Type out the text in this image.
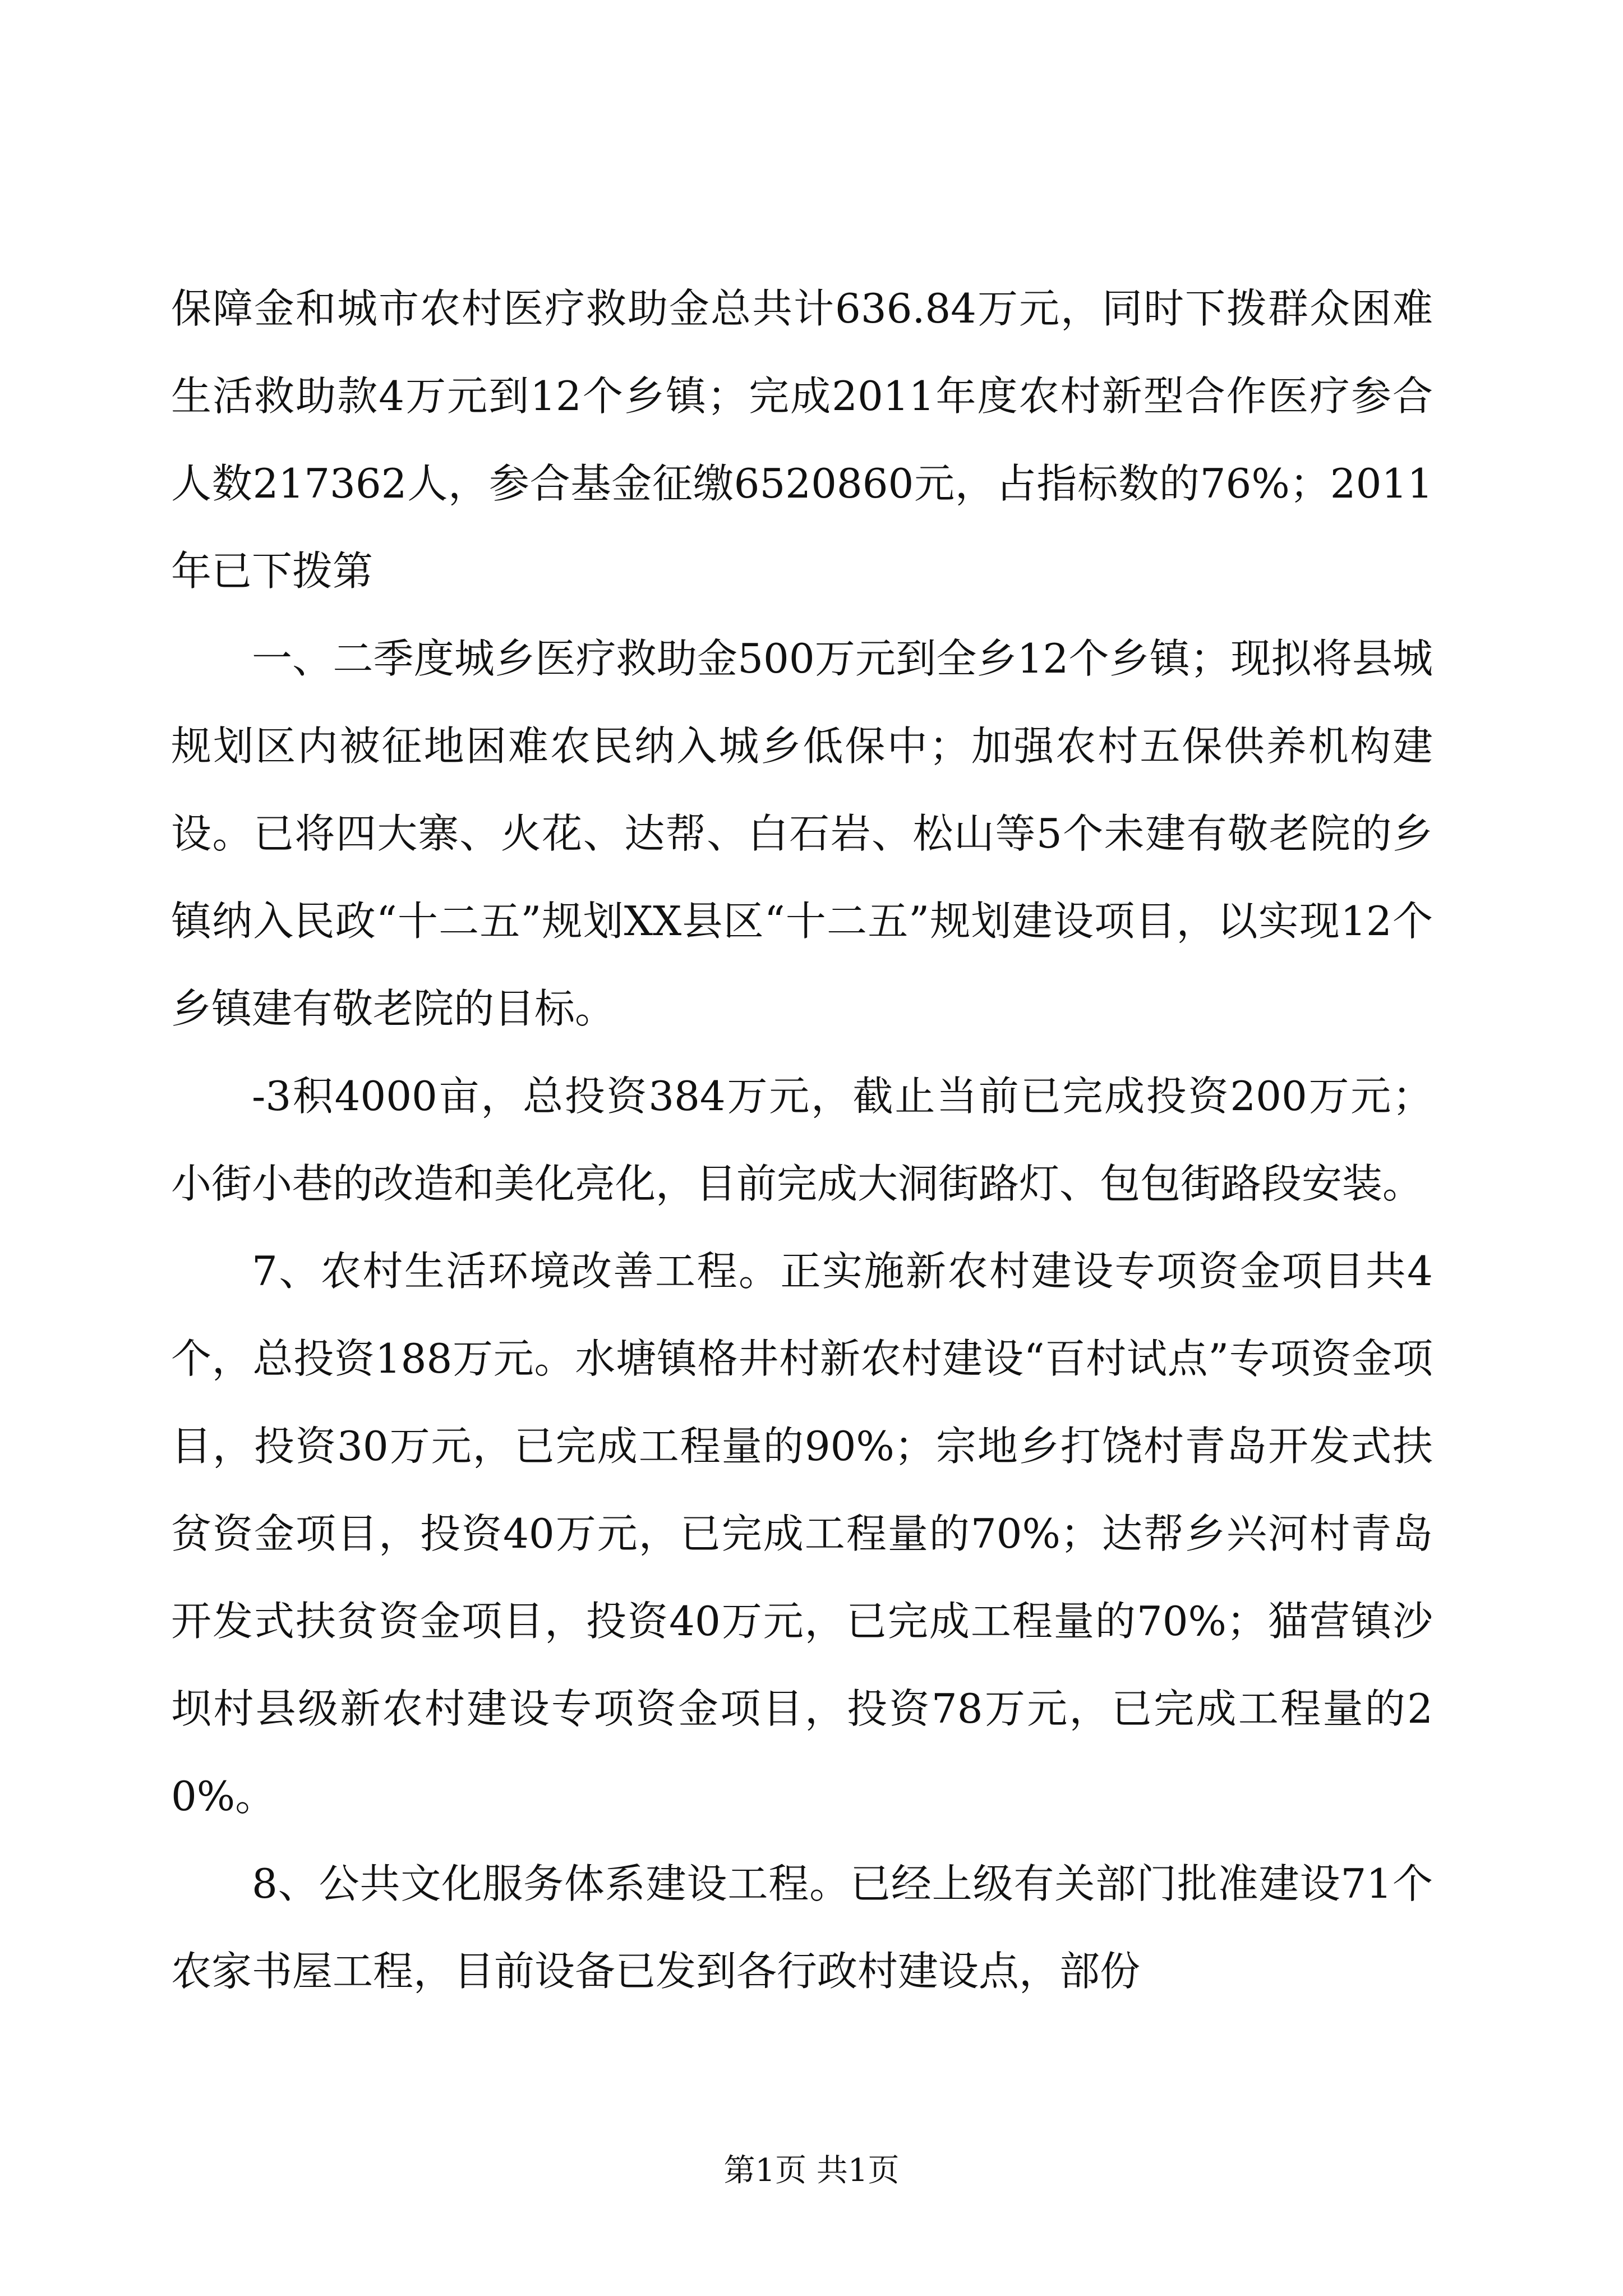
保障金和城市农村医疗救助金总共计636.84万元，同时下拨群众困难生活救助款4万元到12个乡镇；完成2011年度农村新型合作医疗参合人数217362人，参合基金征缴6520860元，占指标数的76%；2011年已下拨第

一、二季度城乡医疗救助金500万元到全乡12个乡镇；现拟将县城规划区内被征地困难农民纳入城乡低保中；加强农村五保供养机构建设。已将四大寨、火花、达帮、白石岩、松山等5个未建有敬老院的乡镇纳入民政“十二五”规划XX县区“十二五”规划建设项目，以实现12个乡镇建有敬老院的目标。

-3积4000亩，总投资384万元，截止当前已完成投资200万元；小街小巷的改造和美化亮化，目前完成大洞街路灯、包包街路段安装。

7、农村生活环境改善工程。正实施新农村建设专项资金项目共4个，总投资188万元。水塘镇格井村新农村建设“百村试点”专项资金项目，投资30万元，已完成工程量的90%；宗地乡打饶村青岛开发式扶贫资金项目，投资40万元，已完成工程量的70%；达帮乡兴河村青岛开发式扶贫资金项目，投资40万元，已完成工程量的70%；猫营镇沙坝村县级新农村建设专项资金项目，投资78万元，已完成工程量的20%。

8、公共文化服务体系建设工程。已经上级有关部门批准建设71个农家书屋工程，目前设备已发到各行政村建设点，部份

第1页 共1页
